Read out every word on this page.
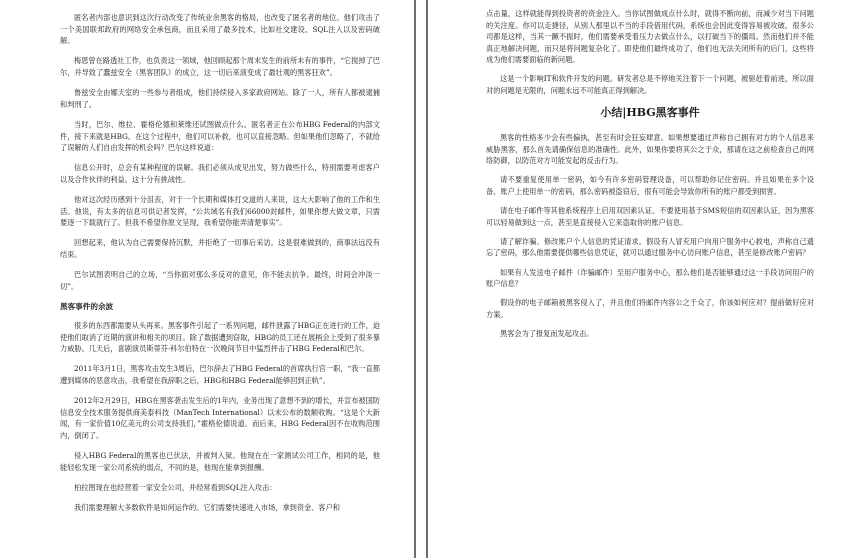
匿名者内部也意识到这次行动改变了传统业余黑客的格局，也改变了匿名者的地位。他们攻击了一个美国联邦政府的网络安全承包商，而且采用了最多技术，比如社交建设、SQL注入以及密码破解。

梅恩曾在路透社工作，也负责这一领域，他回顾起那个周末发生的前所未有的事件，“它搅掉了巴尔，并导致了蠢兹安全（黑客团队）的成立，这一切后来演变成了最壮观的黑客狂欢”。

鲁兹安全由娜天室的一些参与者组成，他们持续侵入多家政府网站。除了一人，所有人都被逮捕和判刑了。

当时，巴尔、维拉、霍格伦德和莱维还试图做点什么。匿名者正在公布HBG Federal的内部文件，接下来就是HBG。在这个过程中，他们可以补救，也可以直接忽略。但如果他们忽略了，不就给了误解的人们自由发挥的机会吗？巴尔这样说道：

信息公开时，总会有某种程度的误解。我们必须从成见出发，努力做些什么，特别需要考虑客户以及合作伙伴的利益。这十分有挑战性。

他对这次经历感到十分沮丧，对于一个长期和媒体打交道的人来说，这大大影响了他的工作和生活。他说，有太多的信息可供记者发挥，“公共域名有我们66000封邮件，如果你想大做文章，只需要逐一下载就行了。但我不希望你原文呈现，我希望你能弄清楚事实”。

回想起来，他认为自己需要保持沉默，并拒绝了一切事后采访。这是很难做到的，商事法远没有结束。

巴尔试图表明自己的立场，“当你面对那么多反对的意见，你不能去抗争。最终，时间会冲淡一切”。

黑客事件的余波

很多的东西都需要从头再来。黑客事件引起了一系列问题，邮件泄露了HBG正在进行的工作，迫使他们取消了近期的演讲和相关的项目。除了数据遭到窃取，HBG的员工还在展柄会上受到了很多暴力威胁。几天后，喜剧演员斯蒂芬·科尔伯特在一次晚间节目中猛烈抨击了HBG Federal和巴尔。

2011年3月1日，黑客攻击发生3周后，巴尔辞去了HBG Federal的首席执行官一职，“我一直都遭到媒体的恶意攻击，我希望在我辞职之后，HBG和HBG Federal能够回到正轨”。

2012年2月29日，HBG在黑客袭击发生后的1年内，业务出现了意想不到的增长，并宣布被国防信息安全技术服务提供商美泰科技（ManTech International）以未公布的数额收购。“这是个大新闻，有一家价值10亿美元的公司支持我们，”霍格伦德说道。而后来，HBG Federal因不在收购范围内，倒闭了。

侵入HBG Federal的黑客也已伏法，并被判入狱。他现在在一家测试公司工作，相同的是，他能轻松发现一家公司系统的弱点，不同的是，他现在能拿到报酬。

柏拉图现在也经营着一家安全公司，并经常看到SQL注入攻击：

我们需要理解大多数软件是如何运作的。它们需要快速进入市场，拿到资金、客户和

点击量，这样就能得到投资者的资金注入。当你试图做成点什么时，就得不断向前，而减少对当下问题的关注度。你可以走捷径，从别人那里以不当的手段借用代码，系统也会因此变得容易被攻破。很多公司都是这样，当其一蹶不振时，他们需要承受着压力去做点什么，以打破当下的僵局。然而他们并不能真正地解决问题，而只是将问题复杂化了。即使他们最终成功了，他们也无法关闭所有的后门，这些将成为他们需要面临的新问题。

这是一个影响IT和软件开发的问题。研发者总是不停地关注着下一个问题，被驱赶着前进，所以面对的问题是无限的，问题永远不可能真正得到解决。

小结|HBG黑客事件

黑客的性格多少会有些偏执，甚至有时会狂妄肆意。如果想要通过声称自己拥有对方的个人信息来威胁黑客，那么首先请确保信息的准确性。此外，如果你要将其公之于众，那请在这之前检查自己的网络防御，以防范对方可能发起的反击行为。

请不要重复使用单一密码，如今有许多密码管理设备，可以帮助你记住密码。并且如果在多个设备、账户上使用单一的密码，那么密码被盗窃后，很有可能会导致你所有的账户都受到损害。

请在电子邮件等其他系统程序上启用双因素认证。不要使用基于SMS短信的双因素认证，因为黑客可以轻易做到这一点，甚至是直接侵入它来盗取你的账户信息。

请了解诈骗、修改账户个人信息的凭证清求。假设有人冒充用户向用户服务中心救电，声称自己遗忘了密码，那么他需要提供哪些信息凭证，就可以通过服务中心访问账户信息，甚至是修改账户密码？

如果有人发送电子邮件（诈骗邮件）至用户服务中心，那么他们是否能够通过这一手段访问用户的账户信息？

假设你的电子邮箱被黑客侵入了，并且他们将邮件内容公之于众了，你该如何应对？提前做好应对方案。

黑客会为了报复而发起攻击。
